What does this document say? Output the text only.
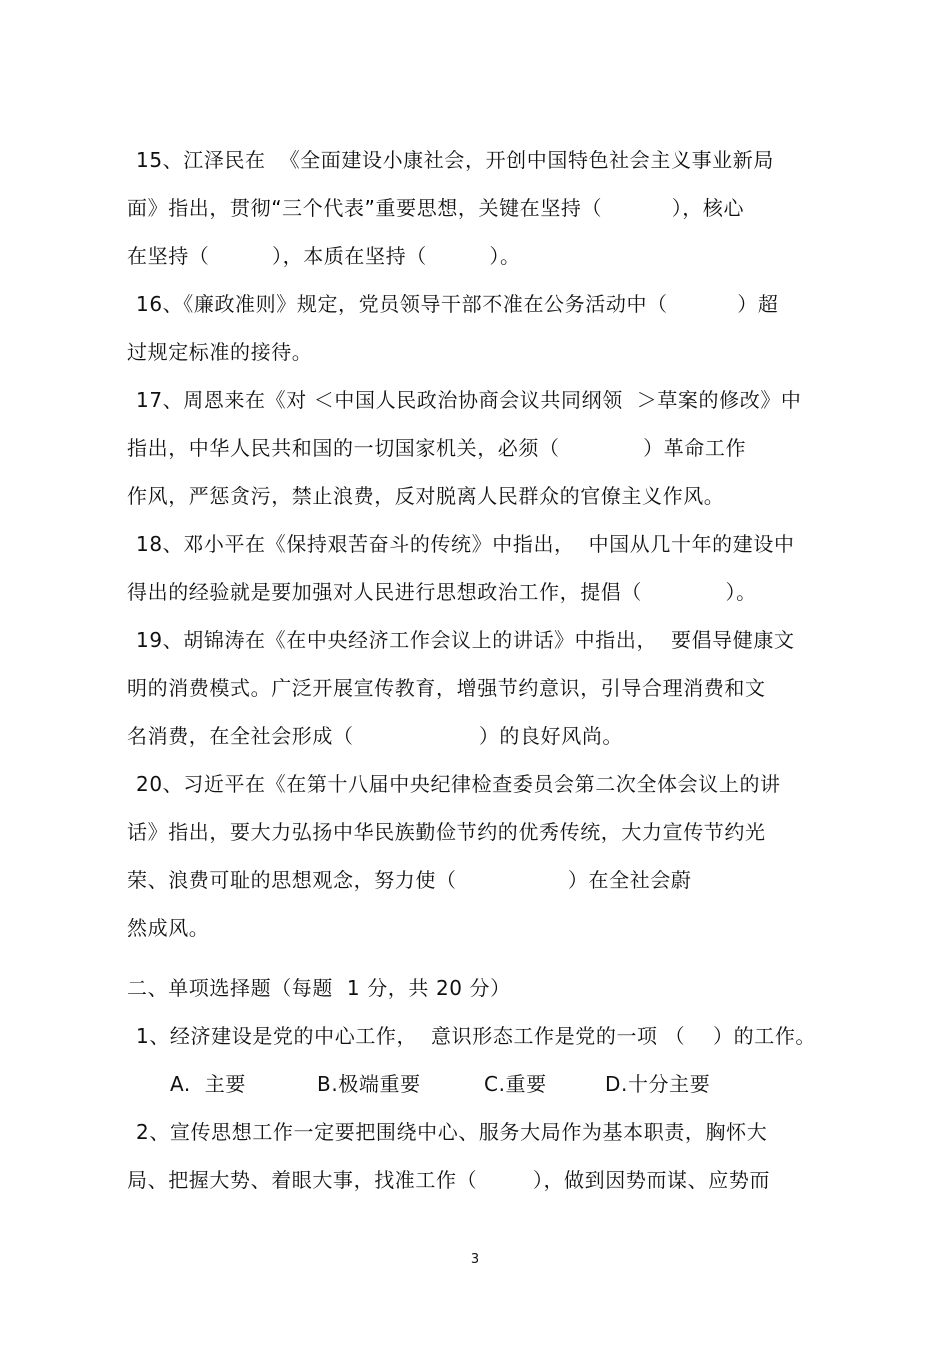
15、江泽民在  《全面建设小康社会，开创中国特色社会主义事业新局
面》指出，贯彻“三个代表”重要思想，关键在坚持（          ），核心
在坚持（         ），本质在坚持（         ）。
16、《廉政准则》规定，党员领导干部不准在公务活动中（          ）超
过规定标准的接待。
17、周恩来在《对 ＜中国人民政治协商会议共同纲领  ＞草案的修改》中
指出，中华人民共和国的一切国家机关，必须（            ）革命工作
作风，严惩贪污，禁止浪费，反对脱离人民群众的官僚主义作风。
18、邓小平在《保持艰苦奋斗的传统》中指出，  中国从几十年的建设中
得出的经验就是要加强对人民进行思想政治工作，提倡（            ）。
19、胡锦涛在《在中央经济工作会议上的讲话》中指出，  要倡导健康文
明的消费模式。广泛开展宣传教育，增强节约意识，引导合理消费和文
名消费，在全社会形成（                  ）的良好风尚。
20、习近平在《在第十八届中央纪律检查委员会第二次全体会议上的讲
话》指出，要大力弘扬中华民族勤俭节约的优秀传统，大力宣传节约光
荣、浪费可耻的思想观念，努力使（                ）在全社会蔚
然成风。
二、单项选择题（每题  1 分，共 20 分）
1、经济建设是党的中心工作，  意识形态工作是党的一项 （    ）的工作。
A.  主要	B.极端重要	C.重要	D.十分主要
2、宣传思想工作一定要把围绕中心、服务大局作为基本职责，胸怀大
局、把握大势、着眼大事，找准工作（        ），做到因势而谋、应势而
3
